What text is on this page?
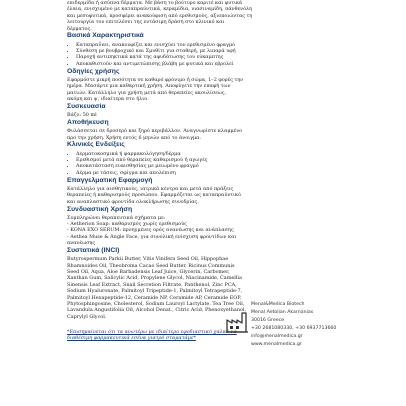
επιδερμίδα ή ασύπνα δέρματα. Με βάση το βούτυρο καριτέ και φυτικά
έλαια, ενισχυμένο με καταπραϋντικά, κεραμίδια, νιασιναμίδη, πάνθενόλη
και μεσοφυτικά, προσφέρει ανακούφιση από ερεθισμούς, αξιοποιώντας τη
λειτουργία του επιτελέσει της εντάσιμη δράση στο κλινικό και
δέρματος.

Βασικά Χαρακτηριστικά
• Καταπραΰνει, ανακουφίζει και ενισχύει τον ερεθισμένο φραγμό
• Σύνθεση με βουβροχικό και Σμυθίτι για σταθερή, με λιπαρά υφή
• Παροχή αντιπηκτικά κατά της αφυδάτωσης του εύκαμπτης
• Αποκαθιστούν και αντιμετώπισης βλάβη με φυτικά και εβρολεί
Οδηγίες χρήσης

Εφαρμόστε μικρή ποσότητα σε καθαρό φρόνιμο ή σώμα, 1–2 φορές την
ημέρα. Μασάρτε μια καθαρτική χρήση. Αποφύγετε την επαφή των
ματιών. Κατάλληλο για χρήση μετά από θεραπείες ακουλίσεως,
ακόμη και ψ, ιδιαίτερα στο ήλιο.

Συσκευασία

Βάζο: 50 ml

Αποθήκευση

Φυλάσσεται σε δροσερό και ξηρό περιβάλλον. Αναγνωρίστε κλαμμένο
προ την χρήση. Χρήση εντός 6 μηνών από το άνοιγμα.

Κλινικές Ενδείξεις
• Δερματοκοσμικά ή φαρμακολόγηση/δέρμα
• Ερεθισμοί μετά από θεραπείες καθαρισμού ή αγωγές
• Αποκατάσταση ευαισθησίας με μειωμένο φραγμό
• Δέρμα με τάσεις, σφίγμα και απολέπιση
Επαγγελματική Εφαρμογή

Κατάλληλο για αισθητικούς, ιατρικά κέντρα και μετά από πράξεις
θεραπείες ή καθαρισμούς προσώπου. Εφαρμόζεται ως καταπραϋντικό
και αναπλαστικό φροντίδα ολοκλήρωσης συνεδρίας.

Συνδυαστική Χρήση

Συμπληρώνει θεραπευτικά σχήματα με:
- Aetherion Soap: καθαρισμός χωρίς ερεθισμούς
- KONA EXO SERUM: προηγμένες ορός ανανέωσης και ανάπλασης
- Aethea Muse & Angle Face, για συνολική ενίσχυση φροντίδων και
ανανέωσης

Συστατικά (INCI)

Butyrospermum Parkii Butter, Vitis Vinifera Seed Oil, Hippophae
Rhamnoides Oil, Theobroma Cacao Seed Butter, Ricinus Communis
Seed Oil, Aqua, Aloe Barbadensis Leaf Juice, Glycerin, Carbomer,
Xanthan Gum, Salicylic Acid, Propylene Glycol, Niacinamide, Camellia
Sinensis Leaf Extract, Snail Secretion Filtrate, Panthenol, Zinc PCA,
Sodium Hyaluronate, Palmitoyl Tripeptide-1, Palmitoyl Tetrapeptide-7,
Palmitoyl Hexapeptide-12, Ceramide NP, Ceramide AP, Ceramide EOP,
Phytosphingosine, Cholesterol, Sodium Lauroyl Lactylate, Tea Tree Oil,
Lavandula Angustifolia Oil, Alcohol Denat., Citric Acid, Phenoxyethanol,
Caprylyl Glycol.

*Επισημαίνεται ότι τα ανωτέρω με ιδιαίτερο εφοδιαστικό χαλκό να
διαθέσιμη φαρμακευτικά εσένα γιατρό σταματάμε*

Menal&Medica Biotech
Menal Aetolian Akarnanias
30016 Greece
+30 2681080330, +30 6937713660
info@menalmedica.gr
www.menalmedica.gr
